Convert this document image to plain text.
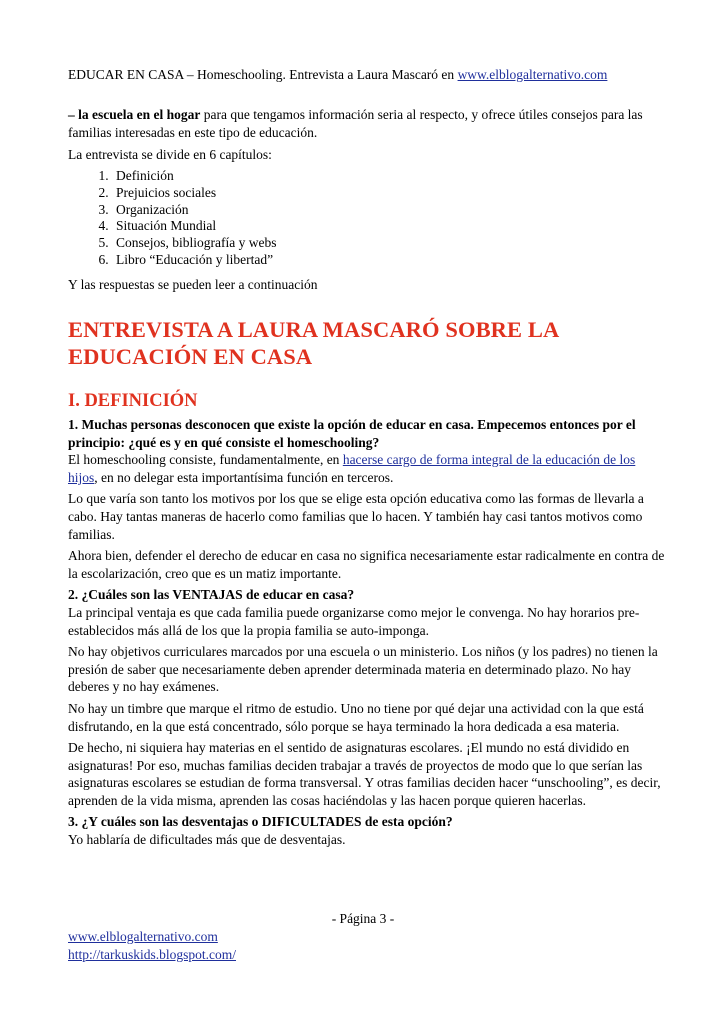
EDUCAR EN CASA – Homeschooling. Entrevista a Laura Mascaró en www.elblogalternativo.com
– la escuela en el hogar para que tengamos información seria al respecto, y ofrece útiles consejos para las familias interesadas en este tipo de educación.
La entrevista se divide en 6 capítulos:
1. Definición
2. Prejuicios sociales
3. Organización
4. Situación Mundial
5. Consejos, bibliografía y webs
6. Libro “Educación y libertad”
Y las respuestas se pueden leer a continuación
ENTREVISTA A LAURA MASCARÓ SOBRE LA EDUCACIÓN EN CASA
I. DEFINICIÓN
1. Muchas personas desconocen que existe la opción de educar en casa. Empecemos entonces por el principio: ¿qué es y en qué consiste el homeschooling?
El homeschooling consiste, fundamentalmente, en hacerse cargo de forma integral de la educación de los hijos, en no delegar esta importantísima función en terceros.
Lo que varía son tanto los motivos por los que se elige esta opción educativa como las formas de llevarla a cabo. Hay tantas maneras de hacerlo como familias que lo hacen. Y también hay casi tantos motivos como familias.
Ahora bien, defender el derecho de educar en casa no significa necesariamente estar radicalmente en contra de la escolarización, creo que es un matiz importante.
2. ¿Cuáles son las VENTAJAS de educar en casa?
La principal ventaja es que cada familia puede organizarse como mejor le convenga. No hay horarios pre-establecidos más allá de los que la propia familia se auto-imponga.
No hay objetivos curriculares marcados por una escuela o un ministerio. Los niños (y los padres) no tienen la presión de saber que necesariamente deben aprender determinada materia en determinado plazo. No hay deberes y no hay exámenes.
No hay un timbre que marque el ritmo de estudio. Uno no tiene por qué dejar una actividad con la que está disfrutando, en la que está concentrado, sólo porque se haya terminado la hora dedicada a esa materia.
De hecho, ni siquiera hay materias en el sentido de asignaturas escolares. ¡El mundo no está dividido en asignaturas! Por eso, muchas familias deciden trabajar a través de proyectos de modo que lo que serían las asignaturas escolares se estudian de forma transversal. Y otras familias deciden hacer “unschooling”, es decir, aprenden de la vida misma, aprenden las cosas haciéndolas y las hacen porque quieren hacerlas.
3. ¿Y cuáles son las desventajas o DIFICULTADES de esta opción?
Yo hablaría de dificultades más que de desventajas.
- Página 3 -
www.elblogalternativo.com
http://tarkuskids.blogspot.com/
